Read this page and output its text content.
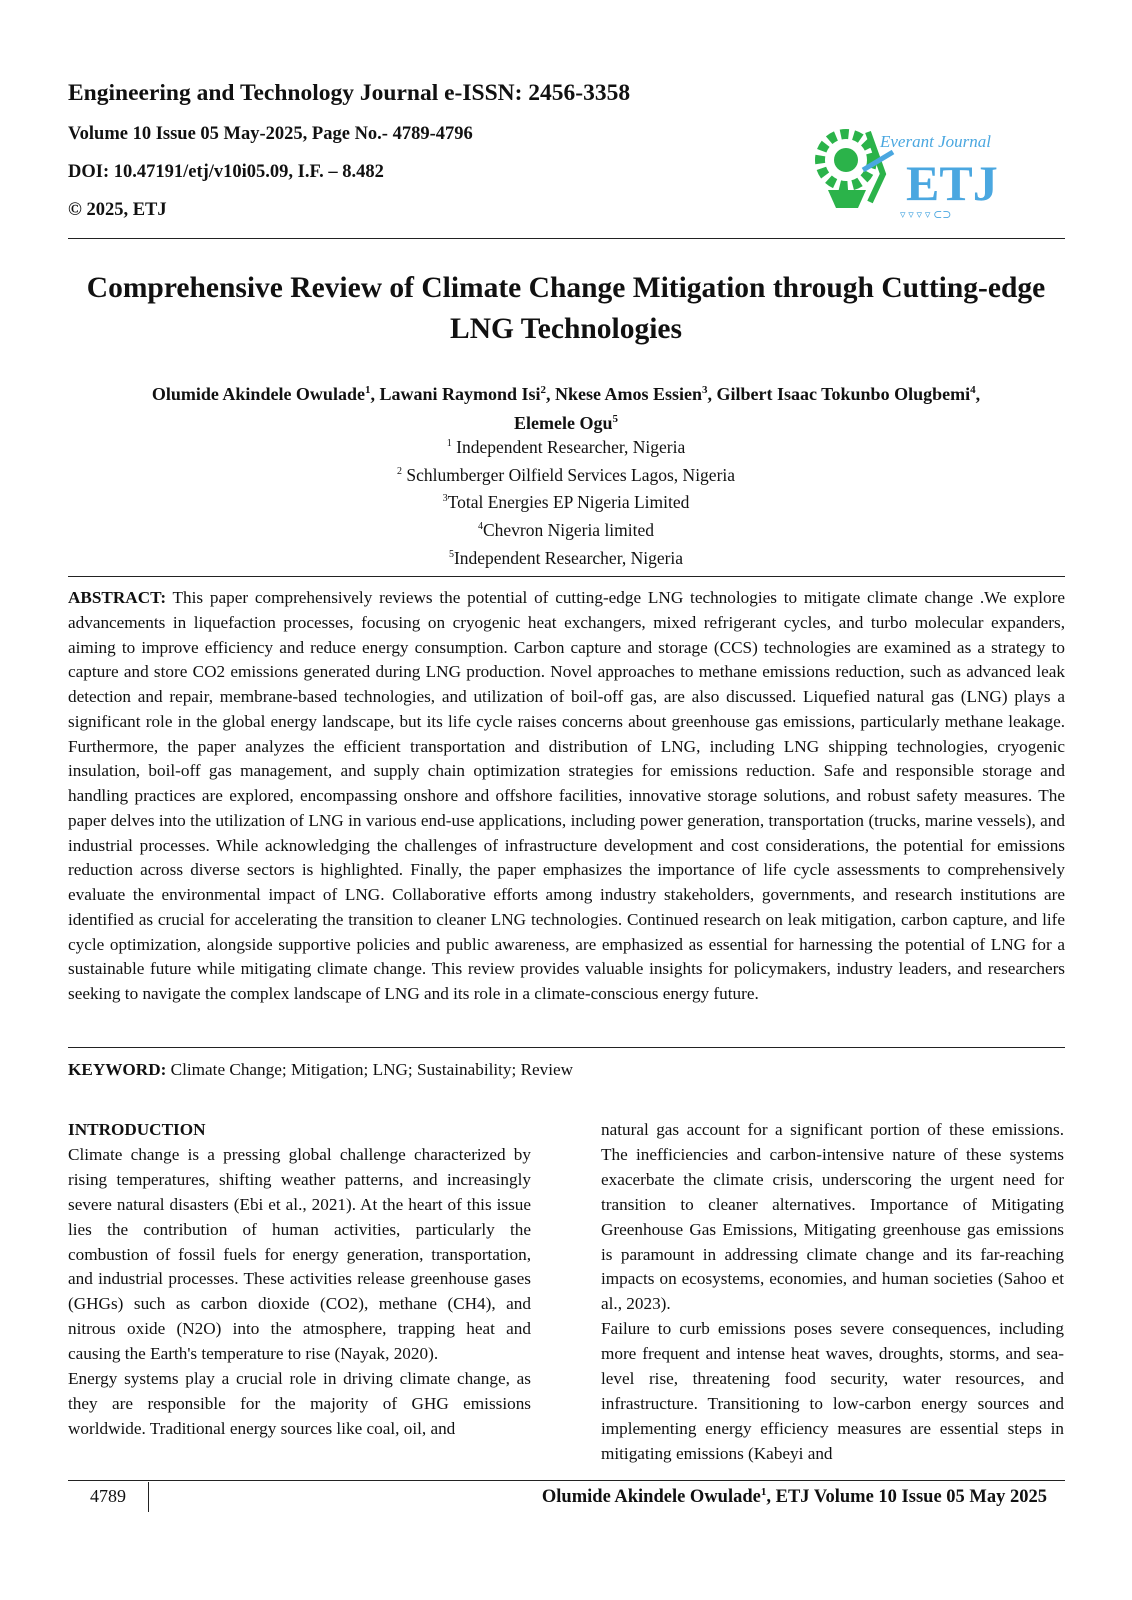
Engineering and Technology Journal e-ISSN: 2456-3358

Volume 10 Issue 05 May-2025, Page No.- 4789-4796

DOI: 10.47191/etj/v10i05.09, I.F. – 8.482

© 2025, ETJ

Everant Journal
ETJ
▿ ▿ ▿ ▿ ⊂⊃
Comprehensive Review of Climate Change Mitigation through Cutting-edge
LNG Technologies
Olumide Akindele Owulade$^1$, Lawani Raymond Isi$^2$, Nkese Amos Essien$^3$, Gilbert Isaac Tokunbo Olugbemi$^4$,
Elemele Ogu$^5$
$^1$ Independent Researcher, Nigeria
$^2$ Schlumberger Oilfield Services Lagos, Nigeria
$^3$Total Energies EP Nigeria Limited
$^4$Chevron Nigeria limited
$^5$Independent Researcher, Nigeria

ABSTRACT: This paper comprehensively reviews the potential of cutting-edge LNG technologies to mitigate climate change .We explore advancements in liquefaction processes, focusing on cryogenic heat exchangers, mixed refrigerant cycles, and turbo molecular expanders, aiming to improve efficiency and reduce energy consumption. Carbon capture and storage (CCS) technologies are examined as a strategy to capture and store CO2 emissions generated during LNG production. Novel approaches to methane emissions reduction, such as advanced leak detection and repair, membrane-based technologies, and utilization of boil-off gas, are also discussed. Liquefied natural gas (LNG) plays a significant role in the global energy landscape, but its life cycle raises concerns about greenhouse gas emissions, particularly methane leakage. Furthermore, the paper analyzes the efficient transportation and distribution of LNG, including LNG shipping technologies, cryogenic insulation, boil-off gas management, and supply chain optimization strategies for emissions reduction. Safe and responsible storage and handling practices are explored, encompassing onshore and offshore facilities, innovative storage solutions, and robust safety measures. The paper delves into the utilization of LNG in various end-use applications, including power generation, transportation (trucks, marine vessels), and industrial processes. While acknowledging the challenges of infrastructure development and cost considerations, the potential for emissions reduction across diverse sectors is highlighted. Finally, the paper emphasizes the importance of life cycle assessments to comprehensively evaluate the environmental impact of LNG. Collaborative efforts among industry stakeholders, governments, and research institutions are identified as crucial for accelerating the transition to cleaner LNG technologies. Continued research on leak mitigation, carbon capture, and life cycle optimization, alongside supportive policies and public awareness, are emphasized as essential for harnessing the potential of LNG for a sustainable future while mitigating climate change. This review provides valuable insights for policymakers, industry leaders, and researchers seeking to navigate the complex landscape of LNG and its role in a climate-conscious energy future.

KEYWORD: Climate Change; Mitigation; LNG; Sustainability; Review

INTRODUCTION

Climate change is a pressing global challenge characterized by rising temperatures, shifting weather patterns, and increasingly severe natural disasters (Ebi et al., 2021). At the heart of this issue lies the contribution of human activities, particularly the combustion of fossil fuels for energy generation, transportation, and industrial processes. These activities release greenhouse gases (GHGs) such as carbon dioxide (CO2), methane (CH4), and nitrous oxide (N2O) into the atmosphere, trapping heat and causing the Earth's temperature to rise (Nayak, 2020).

Energy systems play a crucial role in driving climate change, as they are responsible for the majority of GHG emissions worldwide. Traditional energy sources like coal, oil, and

natural gas account for a significant portion of these emissions. The inefficiencies and carbon-intensive nature of these systems exacerbate the climate crisis, underscoring the urgent need for transition to cleaner alternatives. Importance of Mitigating Greenhouse Gas Emissions, Mitigating greenhouse gas emissions is paramount in addressing climate change and its far-reaching impacts on ecosystems, economies, and human societies (Sahoo et al., 2023).

Failure to curb emissions poses severe consequences, including more frequent and intense heat waves, droughts, storms, and sea-level rise, threatening food security, water resources, and infrastructure. Transitioning to low-carbon energy sources and implementing energy efficiency measures are essential steps in mitigating emissions (Kabeyi and

4789	Olumide Akindele Owulade$^1$, ETJ Volume 10 Issue 05 May 2025
